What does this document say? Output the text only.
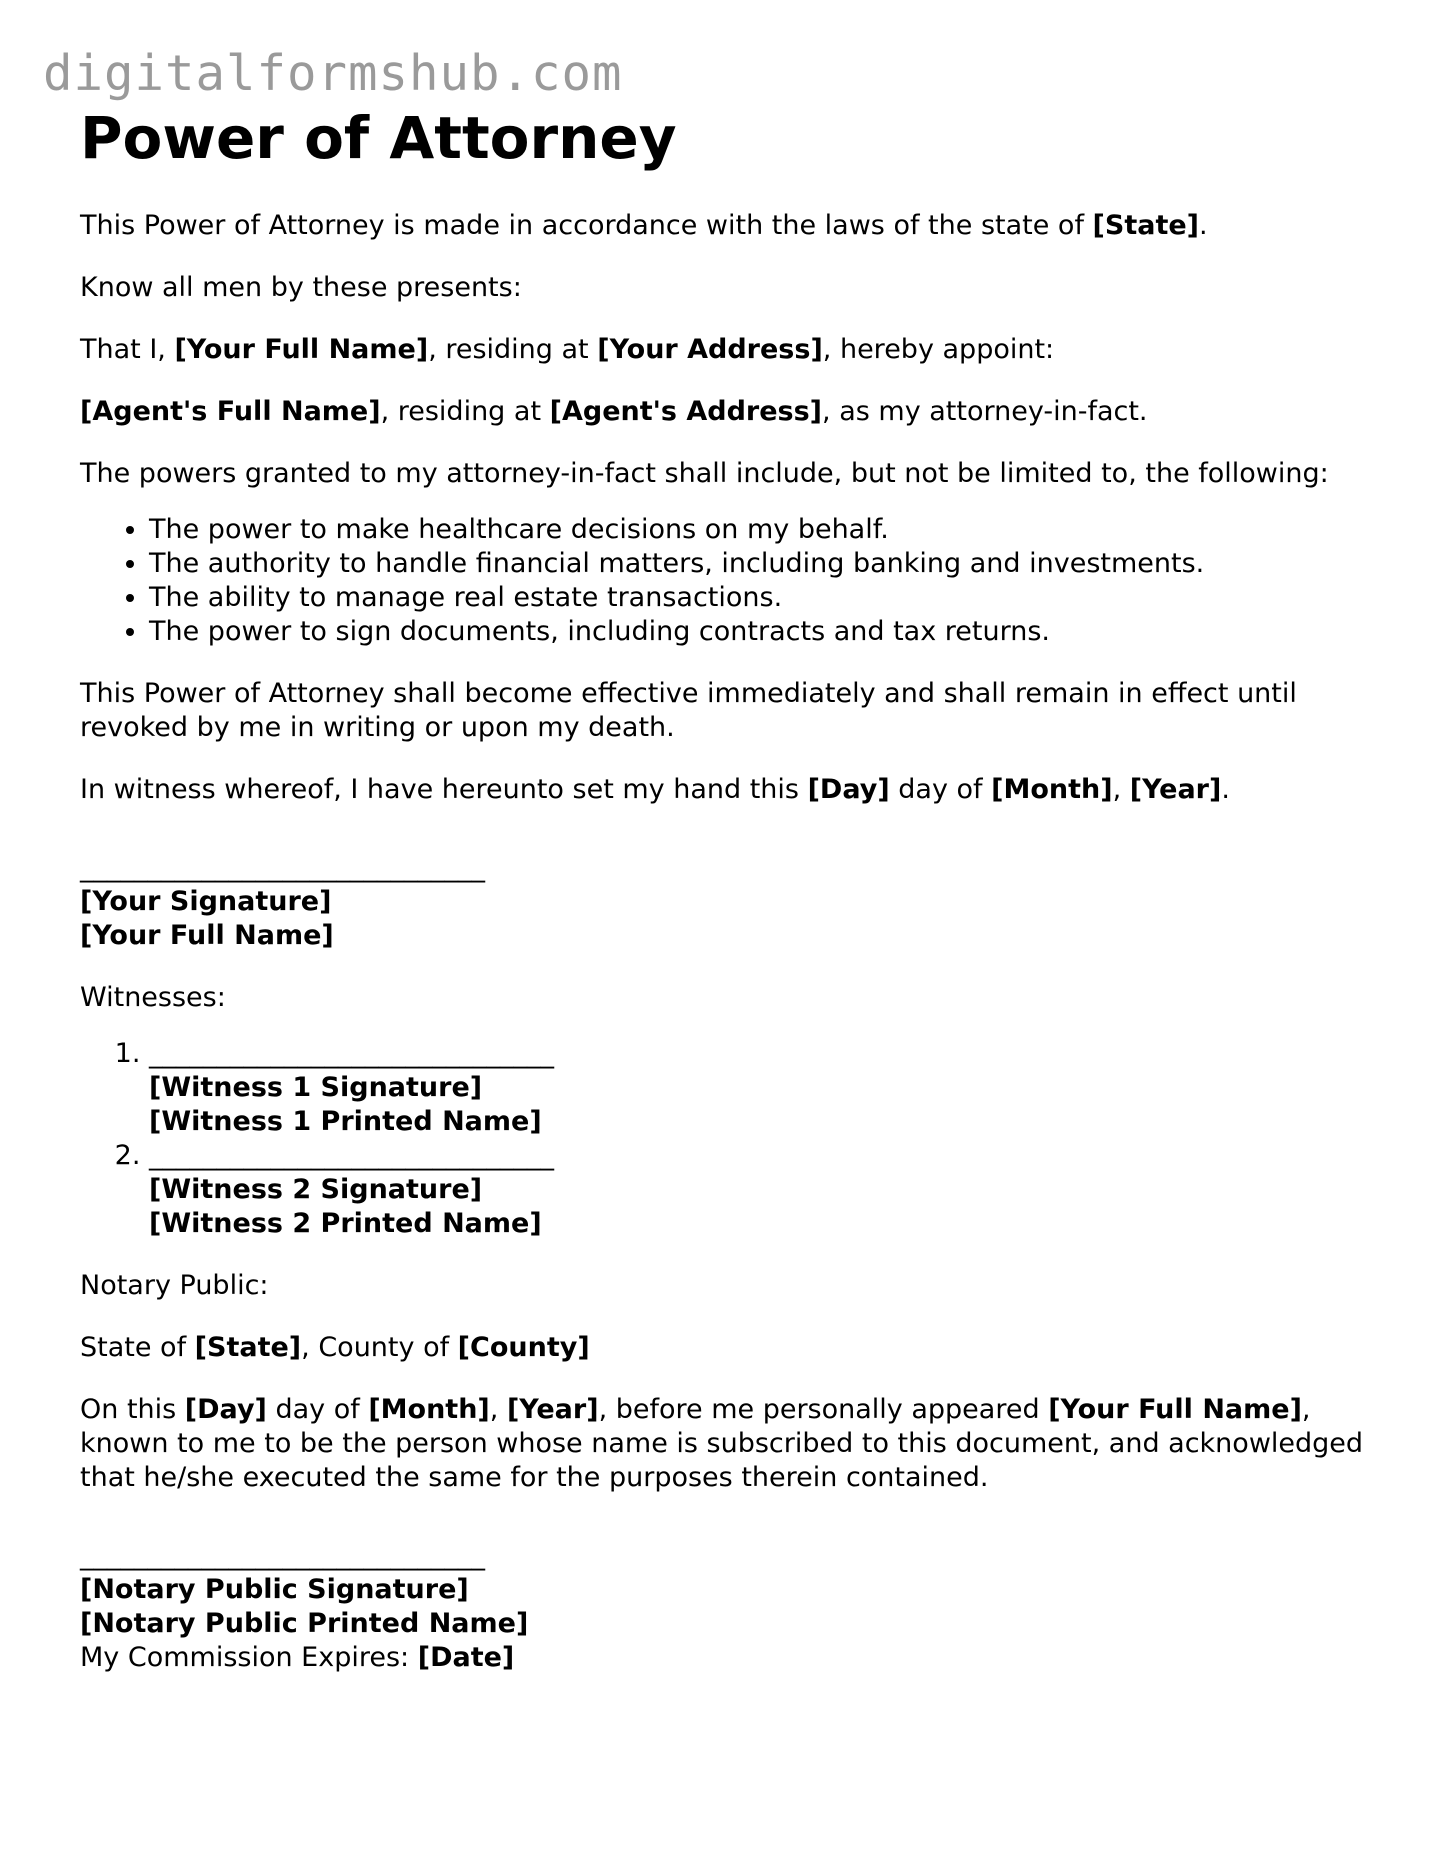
digitalformshub.com
Power of Attorney

This Power of Attorney is made in accordance with the laws of the state of [State].

Know all men by these presents:

That I, [Your Full Name], residing at [Your Address], hereby appoint:

[Agent's Full Name], residing at [Agent's Address], as my attorney-in-fact.

The powers granted to my attorney-in-fact shall include, but not be limited to, the following:

• The power to make healthcare decisions on my behalf.
• The authority to handle financial matters, including banking and investments.
• The ability to manage real estate transactions.
• The power to sign documents, including contracts and tax returns.

This Power of Attorney shall become effective immediately and shall remain in effect until revoked by me in writing or upon my death.

In witness whereof, I have hereunto set my hand this [Day] day of [Month], [Year].

______________________________
[Your Signature]
[Your Full Name]

Witnesses:

1. ______________________________
[Witness 1 Signature]
[Witness 1 Printed Name]
2. ______________________________
[Witness 2 Signature]
[Witness 2 Printed Name]

Notary Public:

State of [State], County of [County]

On this [Day] day of [Month], [Year], before me personally appeared [Your Full Name], known to me to be the person whose name is subscribed to this document, and acknowledged that he/she executed the same for the purposes therein contained.

______________________________
[Notary Public Signature]
[Notary Public Printed Name]
My Commission Expires: [Date]
